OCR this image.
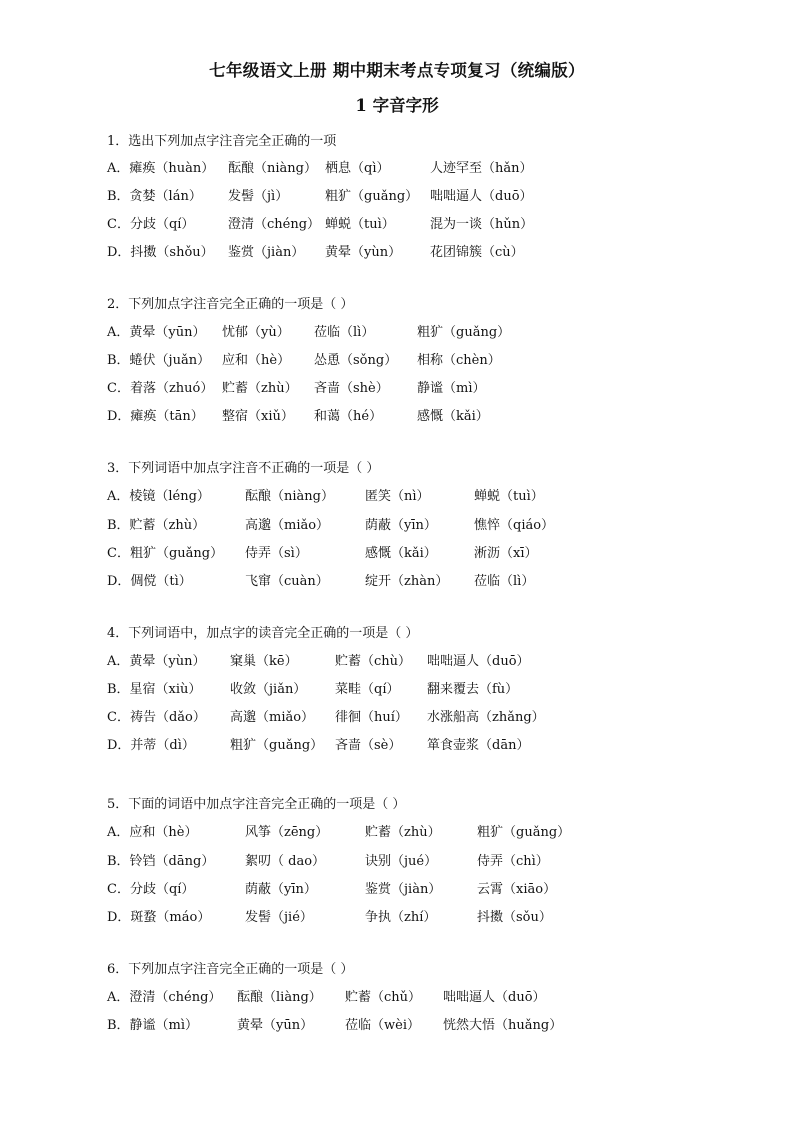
七年级语文上册 期中期末考点专项复习（统编版）
1 字音字形
1．选出下列加点字注音完全正确的一项
A．瘫痪（huàn） 酝酿（niàng） 栖息（qì）	人迹罕至（hǎn）
B．贪婪（lán） 发髻（jì）	粗犷（guǎng） 咄咄逼人（duō）
C．分歧（qí）	澄清（chéng） 蝉蜕（tuì）	混为一谈（hǔn）
D．抖擞（shǒu） 鉴赏（jiàn） 黄晕（yùn） 花团锦簇（cù）
2．下列加点字注音完全正确的一项是（ ）
A．黄晕（yūn） 忧郁（yù） 莅临（lì）	粗犷（guǎng）
B．蜷伏（juǎn） 应和（hè） 怂恿（sǒng） 相称（chèn）
C．着落（zhuó） 贮蓄（zhù） 吝啬（shè） 静谧（mì）
D．瘫痪（tān） 整宿（xiǔ） 和蔼（hé）	感慨（kǎi）
3．下列词语中加点字注音不正确的一项是（ ）
A．棱镜（léng）	酝酿（niàng） 匿笑（nì）	蝉蜕（tuì）
B．贮蓄（zhù）	高邈（miǎo）	荫蔽（yīn）	憔悴（qiáo）
C．粗犷（guǎng） 侍弄（sì）	感慨（kǎi）	淅沥（xī）
D．倜傥（tì）	飞窜（cuàn）	绽开（zhàn） 莅临（lì）
4．下列词语中，加点字的读音完全正确的一项是（ ）
A．黄晕（yùn） 窠巢（kē）	贮蓄（chù） 咄咄逼人（duō）
B．星宿（xiù） 收敛（jiǎn） 菜畦（qí） 翻来覆去（fù）
C．祷告（dǎo） 高邈（miǎo） 徘徊（huí） 水涨船高（zhǎng）
D．并蒂（dì）	粗犷（guǎng） 吝啬（sè） 箪食壶浆（dān）
5．下面的词语中加点字注音完全正确的一项是（ ）
A．应和（hè）	风筝（zēng）	贮蓄（zhù）	粗犷（guǎng）
B．铃铛（dāng） 絮叨（ dao）	诀别（jué）	侍弄（chì）
C．分歧（qí）	荫蔽（yīn）	鉴赏（jiàn）	云霄（xiāo）
D．斑蝥（máo）	发髻（jié）	争执（zhí）	抖擞（sǒu）
6．下列加点字注音完全正确的一项是（ ）
A．澄清（chéng） 酝酿（liàng） 贮蓄（chǔ） 咄咄逼人（duō）
B．静谧（mì）	黄晕（yūn） 莅临（wèi） 恍然大悟（huǎng）
